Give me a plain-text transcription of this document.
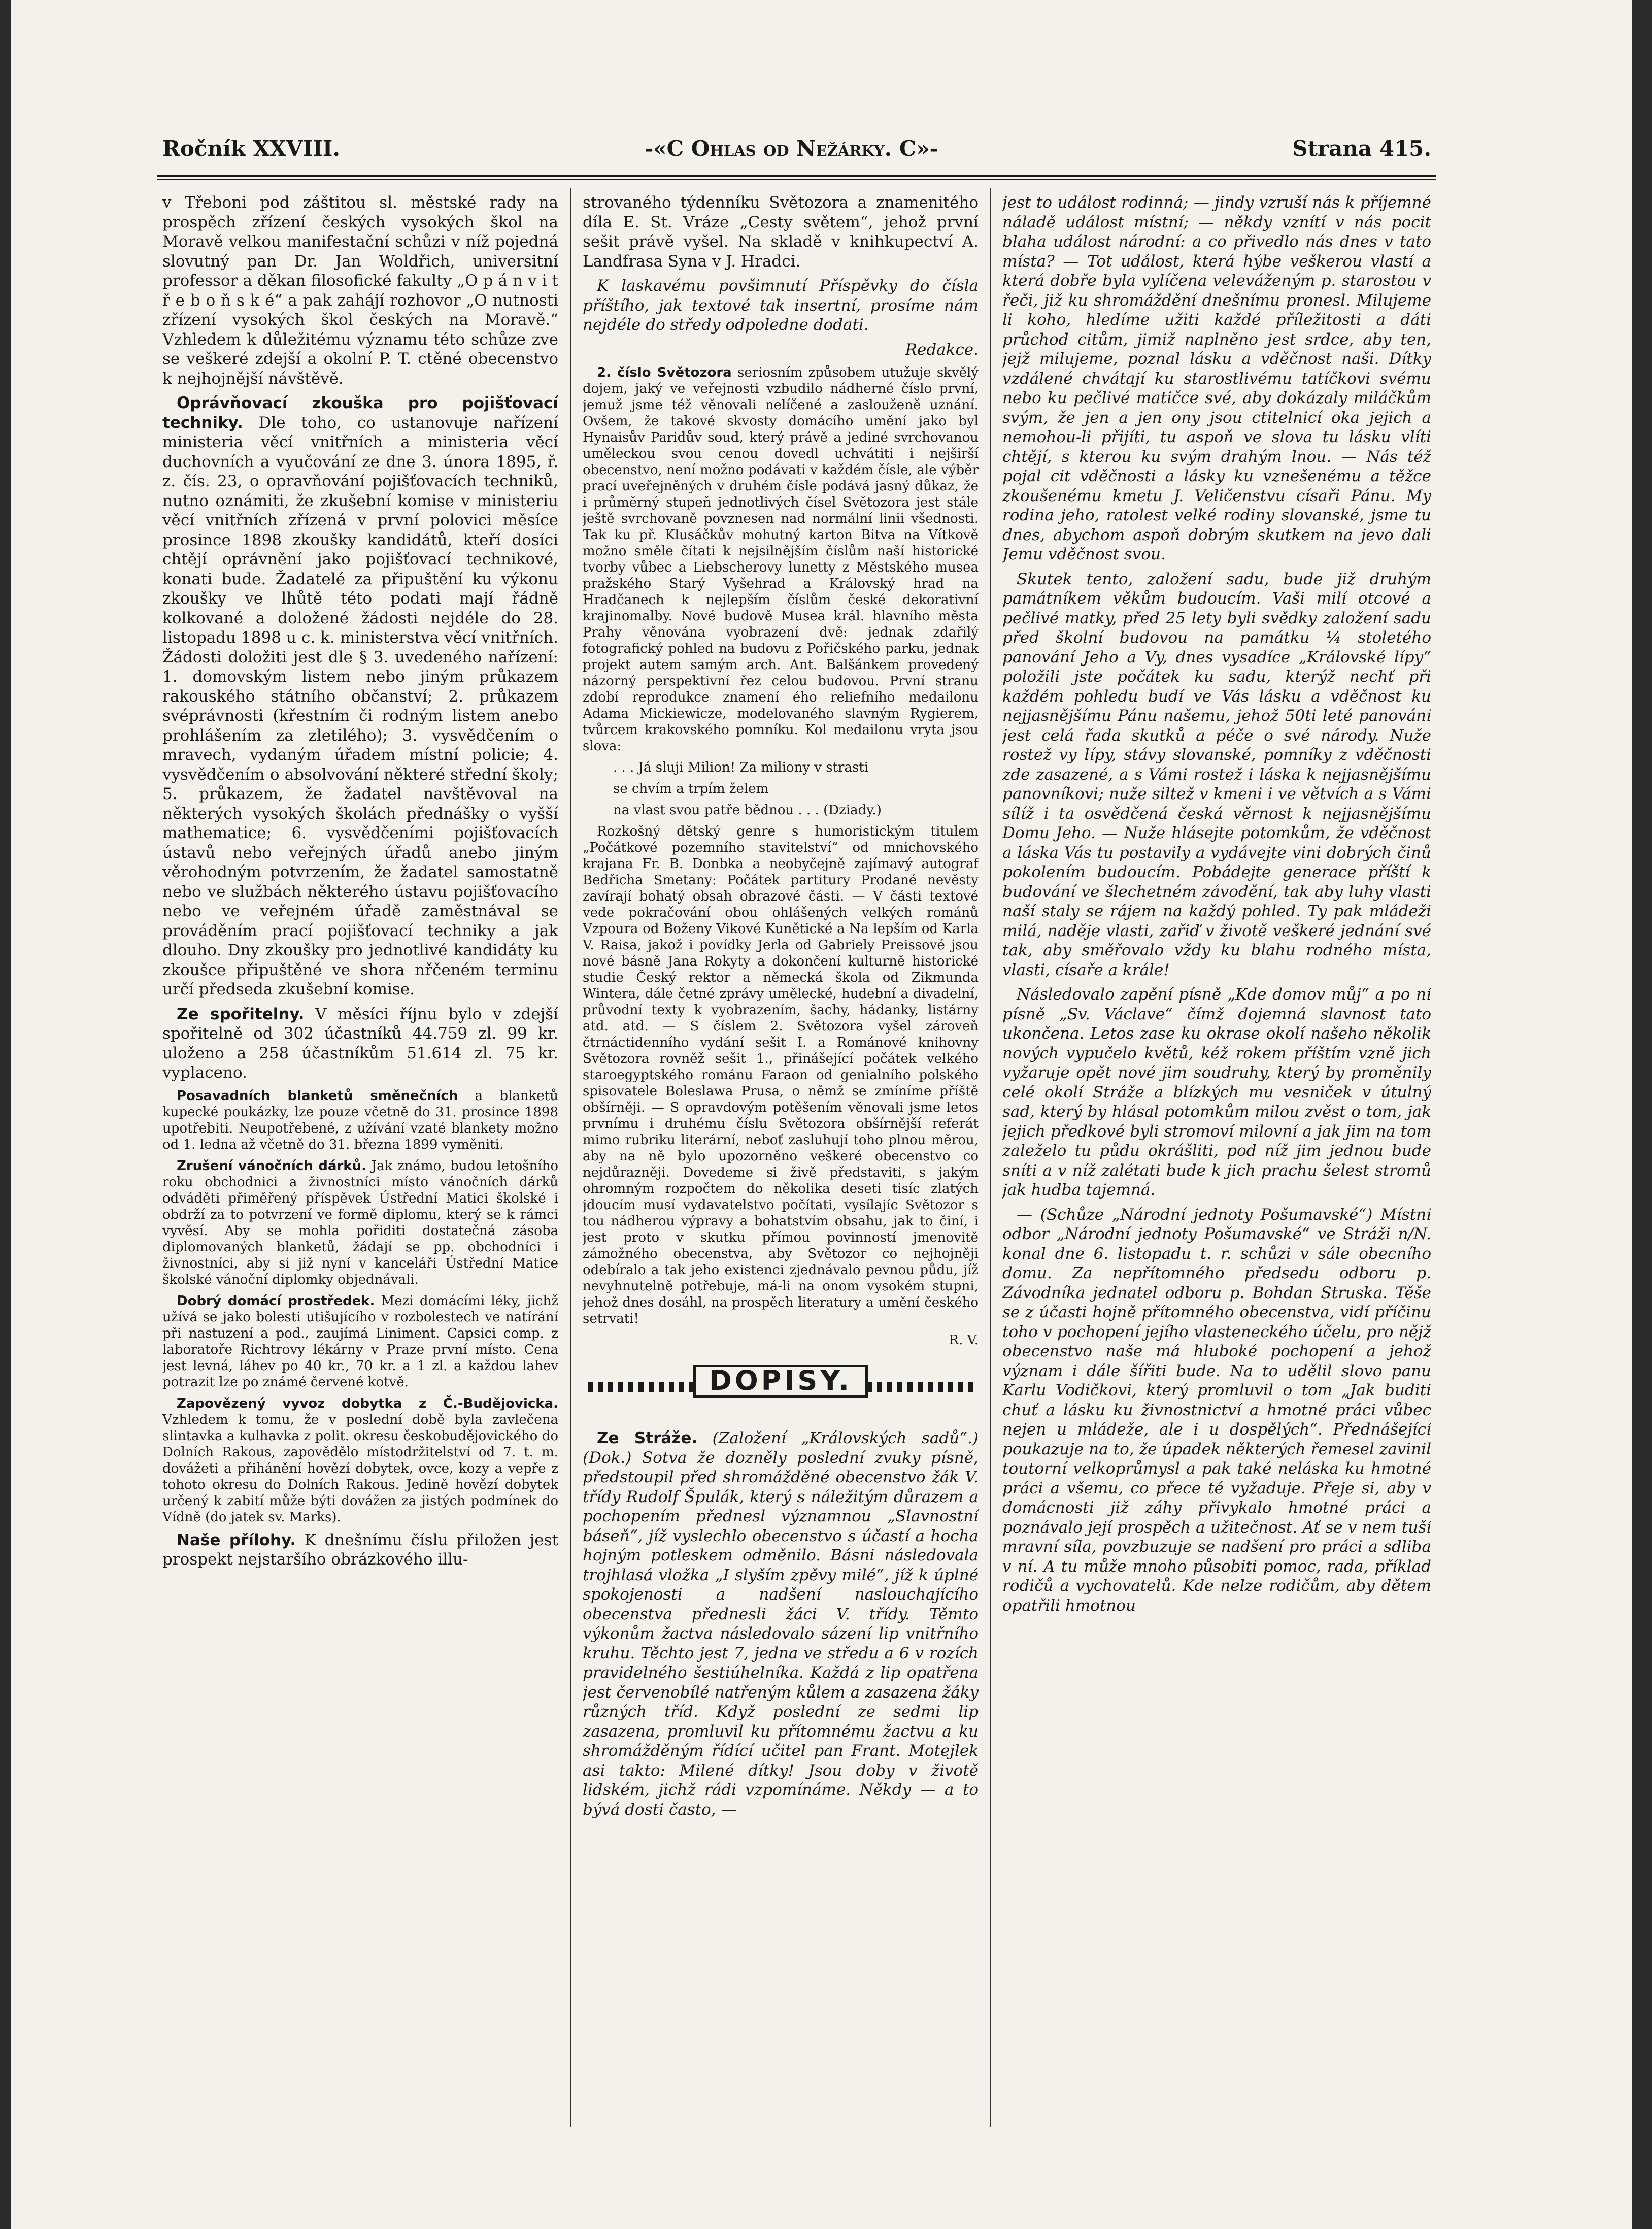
Ročník XXVIII.	-«C Ohlas od Nežárky. C»-	Strana 415.

v Třeboni pod záštitou sl. městské rady na prospěch zřízení českých vysokých škol na Moravě velkou manifestační schůzi v níž pojedná slovutný pan Dr. Jan Woldřich, universitní professor a děkan filosofické fakulty „O p á n v i t ř e b o ň s k é“ a pak zahájí rozhovor „O nutnosti zřízení vysokých škol českých na Moravě.“ Vzhledem k důležitému významu této schůze zve se veškeré zdejší a okolní P. T. ctěné obecenstvo k nejhojnější návštěvě.

Oprávňovací zkouška pro pojišťovací techniky. Dle toho, co ustanovuje nařízení ministeria věcí vnitřních a ministeria věcí duchovních a vyučování ze dne 3. února 1895, ř. z. čís. 23, o opravňování pojišťovacích techniků, nutno oznámiti, že zkušební komise v ministeriu věcí vnitřních zřízená v první polovici měsíce prosince 1898 zkoušky kandidátů, kteří dosíci chtějí oprávnění jako pojišťovací technikové, konati bude. Žadatelé za připuštění ku výkonu zkoušky ve lhůtě této podati mají řádně kolkované a doložené žádosti nejdéle do 28. listopadu 1898 u c. k. ministerstva věcí vnitřních. Žádosti doložiti jest dle § 3. uvedeného nařízení: 1. domovským listem nebo jiným průkazem rakouského státního občanství; 2. průkazem svéprávnosti (křestním či rodným listem anebo prohlášením za zletilého); 3. vysvědčením o mravech, vydaným úřadem místní policie; 4. vysvědčením o absolvování některé střední školy; 5. průkazem, že žadatel navštěvoval na některých vysokých školách přednášky o vyšší mathematice; 6. vysvědčeními pojišťovacích ústavů nebo veřejných úřadů anebo jiným věrohodným potvrzením, že žadatel samostatně nebo ve službách některého ústavu pojišťovacího nebo ve veřejném úřadě zaměstnával se prováděním prací pojišťovací techniky a jak dlouho. Dny zkoušky pro jednotlivé kandidáty ku zkoušce připuštěné ve shora nřčeném terminu určí předseda zkušební komise.

Ze spořitelny. V měsíci říjnu bylo v zdejší spořitelně od 302 účastníků 44.759 zl. 99 kr. uloženo a 258 účastníkům 51.614 zl. 75 kr. vyplaceno.

Posavadních blanketů směnečních a blanketů kupecké poukázky, lze pouze včetně do 31. prosince 1898 upotřebiti. Neupotřebené, z užívání vzaté blankety možno od 1. ledna až včetně do 31. března 1899 vyměniti.

Zrušení vánočních dárků. Jak známo, budou letošního roku obchodnici a živnostníci místo vánočních dárků odváděti přiměřený příspěvek Ústřední Matici školské i obdrží za to potvrzení ve formě diplomu, který se k rámci vyvěsí. Aby se mohla pořiditi dostatečná zásoba diplomovaných blanketů, žádají se pp. obchodníci i živnostníci, aby si již nyní v kanceláři Ústřední Matice školské vánoční diplomky objednávali.

Dobrý domácí prostředek. Mezi domácími léky, jichž užívá se jako bolesti utišujícího v rozbolestech ve natírání při nastuzení a pod., zaujímá Liniment. Capsici comp. z laboratoře Richtrovy lékárny v Praze první místo. Cena jest levná, láhev po 40 kr., 70 kr. a 1 zl. a každou lahev potrazit lze po známé červené kotvě.

Zapovězený vyvoz dobytka z Č.-Budějovicka. Vzhledem k tomu, že v poslední době byla zavlečena slintavka a kulhavka z polit. okresu českobudějovického do Dolních Rakous, zapovědělo místodržitelství od 7. t. m. dovážeti a přihánění hovězí dobytek, ovce, kozy a vepře z tohoto okresu do Dolních Rakous. Jedině hovězí dobytek určený k zabití může býti dovážen za jistých podmínek do Vídně (do jatek sv. Marks).

Naše přílohy. K dnešnímu číslu přiložen jest prospekt nejstaršího obrázkového illu-

strovaného týdenníku Světozora a znamenitého díla E. St. Vráze „Cesty světem“, jehož první sešit právě vyšel. Na skladě v knihkupectví A. Landfrasa Syna v J. Hradci.

K laskavému povšimnutí Příspěvky do čísla příštího, jak textové tak insertní, prosíme nám nejdéle do středy odpoledne dodati.

Redakce.

2. číslo Světozora seriosním způsobem utužuje skvělý dojem, jaký ve veřejnosti vzbudilo nádherné číslo první, jemuž jsme též věnovali nelíčené a zaslouženě uznání. Ovšem, že takové skvosty domácího umění jako byl Hynaisův Paridův soud, který právě a jediné svrchovanou uměleckou svou cenou dovedl uchvátiti i nejširší obecenstvo, není možno podávati v každém čísle, ale výběr prací uveřejněných v druhém čísle podává jasný důkaz, že i průměrný stupeň jednotlivých čísel Světozora jest stále ještě svrchovaně povznesen nad normální linii všednosti. Tak ku př. Klusáčkův mohutný karton Bitva na Vítkově možno směle čítati k nejsilnějším číslům naší historické tvorby vůbec a Liebscherovy lunetty z Městského musea pražského Starý Vyšehrad a Královský hrad na Hradčanech k nejlepším číslům české dekorativní krajinomalby. Nové budově Musea král. hlavního města Prahy věnována vyobrazení dvě: jednak zdařilý fotografický pohled na budovu z Pořičského parku, jednak projekt autem samým arch. Ant. Balšánkem provedený názorný perspektivní řez celou budovou. První stranu zdobí reprodukce znamení ého reliefního medailonu Adama Mickiewicze, modelovaného slavným Rygierem, tvůrcem krakovského pomníku. Kol medailonu vryta jsou slova:

. . . Já sluji Milion! Za miliony v strasti

se chvím a trpím želem

na vlast svou patře bědnou . . . (Dziady.)

Rozkošný dětský genre s humoristickým titulem „Počátkové pozemního stavitelství“ od mnichovského krajana Fr. B. Donbka a neobyčejně zajímavý autograf Bedřicha Smetany: Počátek partitury Prodané nevěsty zavírají bohatý obsah obrazové části. — V části textové vede pokračování obou ohlášených velkých románů Vzpoura od Boženy Vikové Kunětické a Na lepším od Karla V. Raisa, jakož i povídky Jerla od Gabriely Preissové jsou nové básně Jana Rokyty a dokončení kulturně historické studie Český rektor a německá škola od Zikmunda Wintera, dále četné zprávy umělecké, hudební a divadelní, průvodní texty k vyobrazením, šachy, hádanky, listárny atd. atd. — S číslem 2. Světozora vyšel zároveň čtrnáctidenního vydání sešit I. a Románové knihovny Světozora rovněž sešit 1., přinášející počátek velkého staroegyptského románu Faraon od genialního polského spisovatele Boleslawa Prusa, o němž se zmíníme příště obšírněji. — S opravdovým potěšením věnovali jsme letos prvnímu i druhému číslu Světozora obšírnější referát mimo rubriku literární, neboť zasluhují toho plnou měrou, aby na ně bylo upozorněno veškeré obecenstvo co nejdůrazněji. Dovedeme si živě představiti, s jakým ohromným rozpočtem do několika deseti tisíc zlatých jdoucím musí vydavatelstvo počítati, vysílajíc Světozor s tou nádherou výpravy a bohatstvím obsahu, jak to činí, i jest proto v skutku přímou povinností jmenovitě zámožného obecenstva, aby Světozor co nejhojněji odebíralo a tak jeho existenci zjednávalo pevnou půdu, jíž nevyhnutelně potřebuje, má-li na onom vysokém stupni, jehož dnes dosáhl, na prospěch literatury a umění českého setrvati!

R. V.

DOPISY.

Ze Stráže. (Založení „Královských sadů“.) (Dok.) Sotva že dozněly poslední zvuky písně, předstoupil před shromážděné obecenstvo žák V. třídy Rudolf Špulák, který s náležitým důrazem a pochopením přednesl významnou „Slavnostní báseň“, jíž vyslechlo obecenstvo s účastí a hocha hojným potleskem odměnilo. Básni následovala trojhlasá vložka „I slyším zpěvy milé“, jíž k úplné spokojenosti a nadšení naslouchajícího obecenstva přednesli žáci V. třídy. Těmto výkonům žactva následovalo sázení lip vnitřního kruhu. Těchto jest 7, jedna ve středu a 6 v rozích pravidelného šestiúhelníka. Každá z lip opatřena jest červenobílé natřeným kůlem a zasazena žáky různých tříd. Když poslední ze sedmi lip zasazena, promluvil ku přítomnému žactvu a ku shromážděným řídící učitel pan Frant. Motejlek asi takto: Milené dítky! Jsou doby v životě lidském, jichž rádi vzpomínáme. Někdy — a to bývá dosti často, —

jest to událost rodinná; — jindy vzruší nás k příjemné náladě událost místní; — někdy vznítí v nás pocit blaha událost národní: a co přivedlo nás dnes v tato místa? — Tot událost, která hýbe veškerou vlastí a která dobře byla vylíčena veleváženým p. starostou v řeči, již ku shromáždění dnešnímu pronesl. Milujeme li koho, hledíme užiti každé příležitosti a dáti průchod citům, jimiž naplněno jest srdce, aby ten, jejž milujeme, poznal lásku a vděčnost naši. Dítky vzdálené chvátají ku starostlivému tatíčkovi svému nebo ku pečlivé matičce své, aby dokázaly miláčkům svým, že jen a jen ony jsou ctitelnicí oka jejich a nemohou-li přijíti, tu aspoň ve slova tu lásku vlíti chtějí, s kterou ku svým drahým lnou. — Nás též pojal cit vděčnosti a lásky ku vznešenému a těžce zkoušenému kmetu J. Veličenstvu císaři Pánu. My rodina jeho, ratolest velké rodiny slovanské, jsme tu dnes, abychom aspoň dobrým skutkem na jevo dali Jemu vděčnost svou.

Skutek tento, založení sadu, bude již druhým památníkem věkům budoucím. Vaši milí otcové a pečlivé matky, před 25 lety byli svědky založení sadu před školní budovou na památku ¼ stoletého panování Jeho a Vy, dnes vysadíce „Královské lípy“ položili jste počátek ku sadu, kterýž nechť při každém pohledu budí ve Vás lásku a vděčnost ku nejjasnějšímu Pánu našemu, jehož 50ti leté panování jest celá řada skutků a péče o své národy. Nuže rostež vy lípy, stávy slovanské, pomníky z vděčnosti zde zasazené, a s Vámi rostež i láska k nejjasnějšímu panovníkovi; nuže siltež v kmeni i ve větvích a s Vámi sílíž i ta osvědčená česká věrnost k nejjasnějšímu Domu Jeho. — Nuže hlásejte potomkům, že vděčnost a láska Vás tu postavily a vydávejte vini dobrých činů pokolením budoucím. Pobádejte generace příští k budování ve šlechetném závodění, tak aby luhy vlasti naší staly se rájem na každý pohled. Ty pak mládeži milá, naděje vlasti, zařiď v životě veškeré jednání své tak, aby směřovalo vždy ku blahu rodného místa, vlasti, císaře a krále!

Následovalo zapění písně „Kde domov můj“ a po ní písně „Sv. Václave“ čímž dojemná slavnost tato ukončena. Letos zase ku okrase okolí našeho několik nových vypučelo květů, kéž rokem příštím vzně jich vyžaruje opět nové jim soudruhy, který by proměnily celé okolí Stráže a blízkých mu vesniček v útulný sad, který by hlásal potomkům milou zvěst o tom, jak jejich předkové byli stromoví milovní a jak jim na tom zaleželo tu půdu okrášliti, pod níž jim jednou bude sníti a v níž zalétati bude k jich prachu šelest stromů jak hudba tajemná.

— (Schůze „Národní jednoty Pošumavské“) Místní odbor „Národní jednoty Pošumavské“ ve Stráži n/N. konal dne 6. listopadu t. r. schůzi v sále obecního domu. Za nepřítomného předsedu odboru p. Závodníka jednatel odboru p. Bohdan Struska. Těše se z účasti hojně přítomného obecenstva, vidí příčinu toho v pochopení jejího vlasteneckého účelu, pro nějž obecenstvo naše má hluboké pochopení a jehož význam i dále šířiti bude. Na to udělil slovo panu Karlu Vodičkovi, který promluvil o tom „Jak buditi chuť a lásku ku živnostnictví a hmotné práci vůbec nejen u mládeže, ale i u dospělých“. Přednášející poukazuje na to, že úpadek některých řemesel zavinil toutorní velkoprůmysl a pak také neláska ku hmotné práci a všemu, co přece té vyžaduje. Přeje si, aby v domácnosti již záhy přivykalo hmotné práci a poznávalo její prospěch a užitečnost. Ať se v nem tuší mravní síla, povzbuzuje se nadšení pro práci a sdliba v ní. A tu může mnoho působiti pomoc, rada, příklad rodičů a vychovatelů. Kde nelze rodičům, aby dětem opatřili hmotnou
